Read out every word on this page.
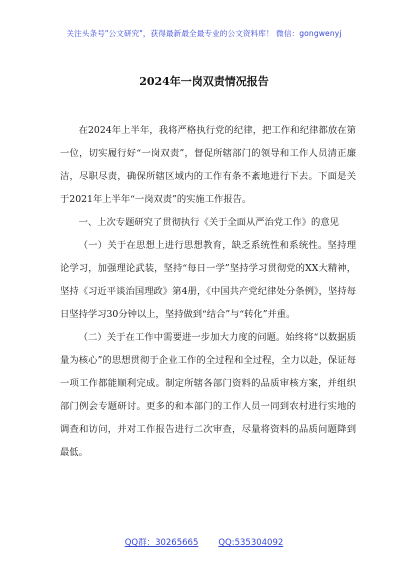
关注头条号"公文研究"，获得最新最全最专业的公文资料库！ 微信：gongwenyj
2024年一岗双责情况报告

在2024年上半年，我将严格执行党的纪律，把工作和纪律都放在第一位，切实履行好“一岗双责”，督促所辖部门的领导和工作人员清正廉洁，尽职尽责，确保所辖区域内的工作有条不紊地进行下去。下面是关于2021年上半年“一岗双责”的实施工作报告。

一、上次专题研究了贯彻执行《关于全面从严治党工作》的意见

（一）关于在思想上进行思想教育，缺乏系统性和系统性。坚持理论学习，加强理论武装，坚持“每日一学”坚持学习贯彻党的XX大精神，坚持《习近平谈治国理政》第4册，《中国共产党纪律处分条例》，坚持每日坚持学习30分钟以上，坚持做到“结合”与“转化”并重。

（二）关于在工作中需要进一步加大力度的问题。始终将“以数据质量为核心”的思想贯彻于企业工作的全过程和全过程，全力以赴，保证每一项工作都能顺利完成。制定所辖各部门资料的品质审核方案，并组织部门例会专题研讨。更多的和本部门的工作人员一同到农村进行实地的调查和访问，并对工作报告进行二次审查，尽量将资料的品质问题降到最低。

QQ群：30265665 QQ:535304092
